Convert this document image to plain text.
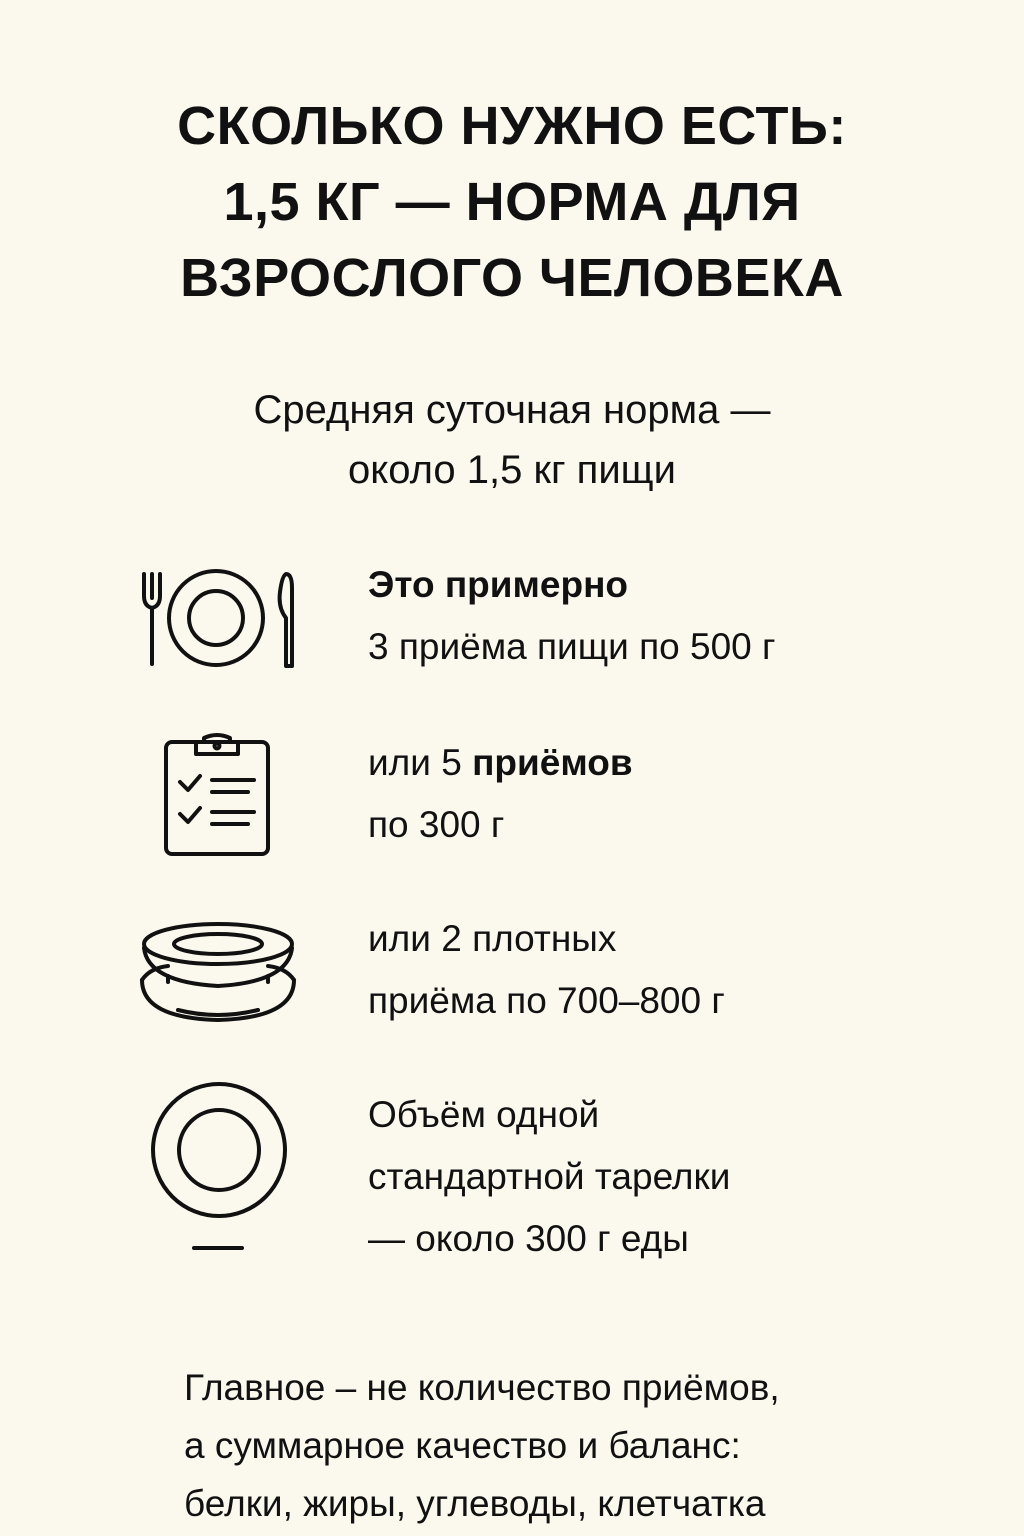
СКОЛЬКО НУЖНО ЕСТЬ:
1,5 КГ — НОРМА ДЛЯ
ВЗРОСЛОГО ЧЕЛОВЕКА

Средняя суточная норма —
около 1,5 кг пищи

Это примерно
3 приёма пищи по 500 г
или 5 приёмов
по 300 г
или 2 плотных
приёма по 700–800 г
Объём одной
стандартной тарелки
— около 300 г еды

Главное – не количество приёмов,
а суммарное качество и баланс:
белки, жиры, углеводы, клетчатка
